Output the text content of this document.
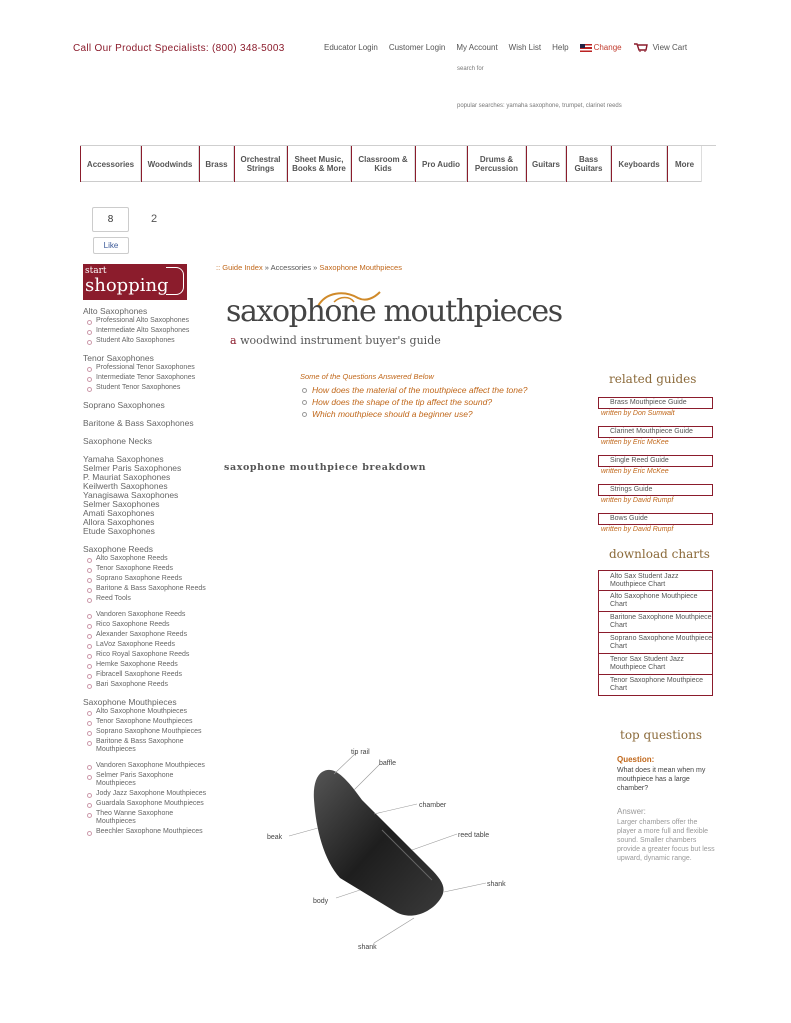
Call Our Product Specialists: (800) 348-5003	Educator Login Customer Login My Account Wish List Help	Change	View Cart
search for
popular searches: yamaha saxophone, trumpet, clarinet reeds
Accessories	Woodwinds	Brass	Orchestral Strings
Sheet Music, Books & More
Classroom & Kids	Pro Audio	Drums & Percussion	Guitars	Bass Guitars	Keyboards	More
8	2
Like
start
shopping
Alto Saxophones
Professional Alto Saxophones
Intermediate Alto Saxophones
Student Alto Saxophones
Tenor Saxophones
Professional Tenor Saxophones
Intermediate Tenor Saxophones
Student Tenor Saxophones
Soprano Saxophones
Baritone & Bass Saxophones
Saxophone Necks
Yamaha Saxophones
Selmer Paris Saxophones
P. Mauriat Saxophones
Keilwerth Saxophones
Yanagisawa Saxophones
Selmer Saxophones
Amati Saxophones
Allora Saxophones
Etude Saxophones
Saxophone Reeds
Alto Saxophone Reeds
Tenor Saxophone Reeds
Soprano Saxophone Reeds
Baritone & Bass Saxophone Reeds
Reed Tools
Vandoren Saxophone Reeds
Rico Saxophone Reeds
Alexander Saxophone Reeds
LaVoz Saxophone Reeds
Rico Royal Saxophone Reeds
Hemke Saxophone Reeds
Fibracell Saxophone Reeds
Bari Saxophone Reeds
Saxophone Mouthpieces
Alto Saxophone Mouthpieces
Tenor Saxophone Mouthpieces
Soprano Saxophone Mouthpieces
Baritone & Bass Saxophone Mouthpieces
Vandoren Saxophone Mouthpieces
Selmer Paris Saxophone Mouthpieces
Jody Jazz Saxophone Mouthpieces
Guardala Saxophone Mouthpieces
Theo Wanne Saxophone Mouthpieces
Beechler Saxophone Mouthpieces
:: Guide Index » Accessories » Saxophone Mouthpieces
saxophone mouthpieces
a woodwind instrument buyer's guide
Some of the Questions Answered Below
How does the material of the mouthpiece affect the tone?
How does the shape of the tip affect the sound?
Which mouthpiece should a beginner use?
saxophone mouthpiece breakdown
tip rail
baffle
chamber
beak	reed table
shank
body
shank
related guides
Brass Mouthpiece Guide
written by Don Sumwalt
Clarinet Mouthpiece Guide
written by Eric McKee
Single Reed Guide
written by Eric McKee
Strings Guide
written by David Rumpf
Bows Guide
written by David Rumpf
download charts
Alto Sax Student Jazz Mouthpiece Chart
Alto Saxophone Mouthpiece Chart
Baritone Saxophone Mouthpiece Chart
Soprano Saxophone Mouthpiece Chart
Tenor Sax Student Jazz Mouthpiece Chart
Tenor Saxophone Mouthpiece Chart
top questions
Question:
What does it mean when my mouthpiece has a large chamber?
Answer:
Larger chambers offer the player a more full and flexible sound. Smaller chambers provide a greater focus but less upward, dynamic range.
